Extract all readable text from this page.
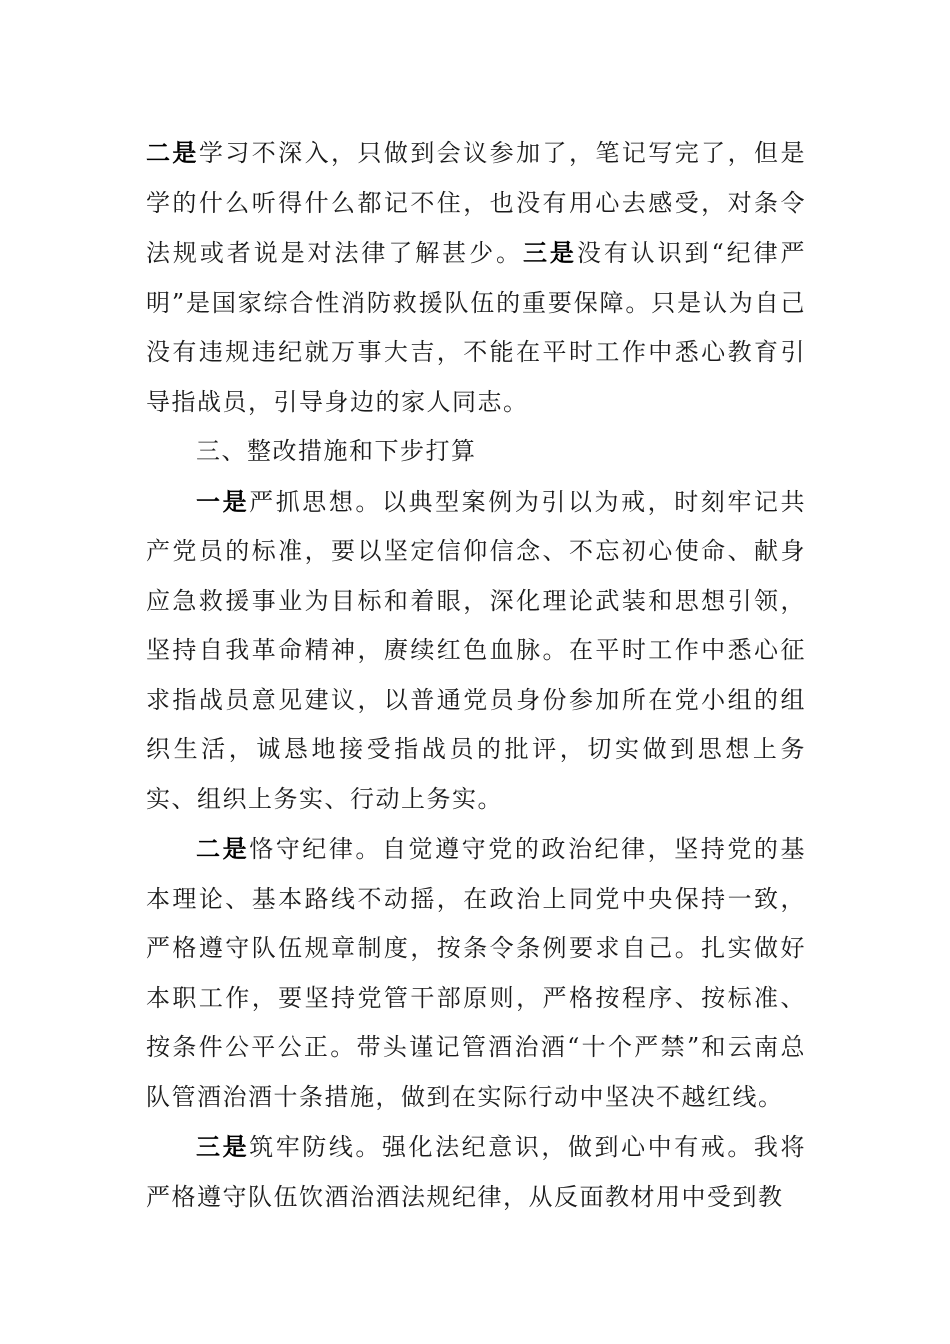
二是学习不深入，只做到会议参加了，笔记写完了，但是学的什么听得什么都记不住，也没有用心去感受，对条令法规或者说是对法律了解甚少。三是没有认识到“纪律严明”是国家综合性消防救援队伍的重要保障。只是认为自己没有违规违纪就万事大吉，不能在平时工作中悉心教育引导指战员，引导身边的家人同志。

三、整改措施和下步打算

一是严抓思想。以典型案例为引以为戒，时刻牢记共产党员的标准，要以坚定信仰信念、不忘初心使命、献身应急救援事业为目标和着眼，深化理论武装和思想引领，坚持自我革命精神，赓续红色血脉。在平时工作中悉心征求指战员意见建议，以普通党员身份参加所在党小组的组织生活，诚恳地接受指战员的批评，切实做到思想上务实、组织上务实、行动上务实。

二是恪守纪律。自觉遵守党的政治纪律，坚持党的基本理论、基本路线不动摇，在政治上同党中央保持一致，严格遵守队伍规章制度，按条令条例要求自己。扎实做好本职工作，要坚持党管干部原则，严格按程序、按标准、按条件公平公正。带头谨记管酒治酒“十个严禁”和云南总队管酒治酒十条措施，做到在实际行动中坚决不越红线。

三是筑牢防线。强化法纪意识，做到心中有戒。我将严格遵守队伍饮酒治酒法规纪律，从反面教材用中受到教
